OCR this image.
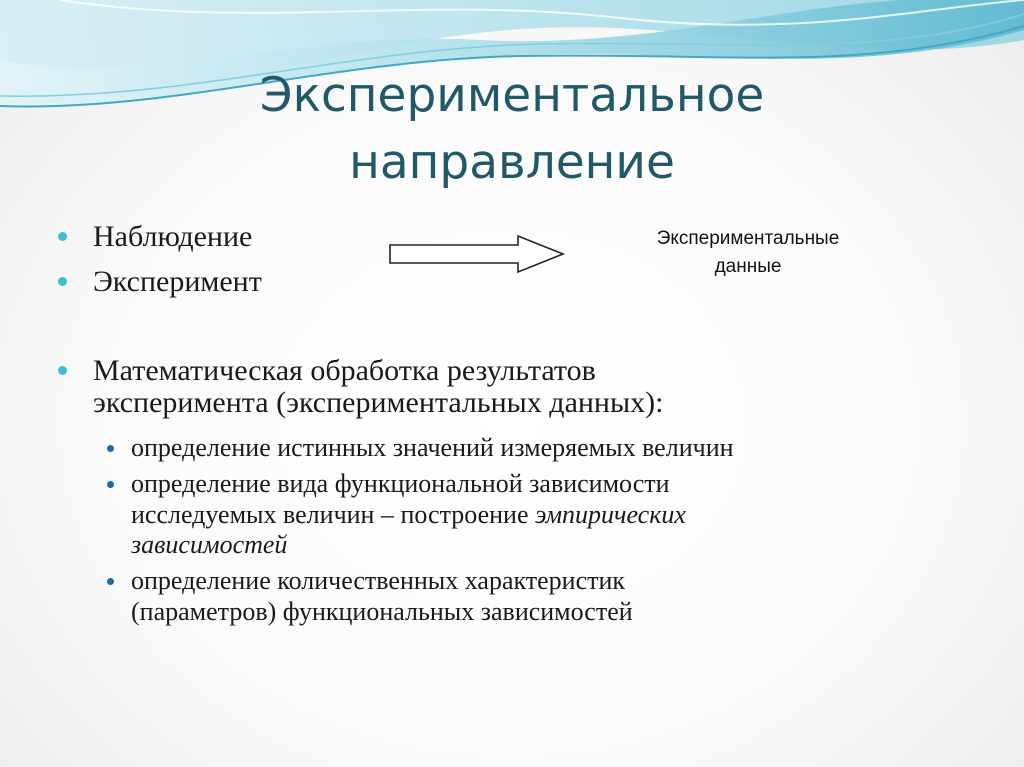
Экспериментальное
направление
Наблюдение
Эксперимент
Экспериментальные
данные
Математическая обработка результатов
эксперимента (экспериментальных данных):
определение истинных значений измеряемых величин
определение вида функциональной зависимости
исследуемых величин – построение эмпирических
зависимостей
определение количественных характеристик
(параметров) функциональных зависимостей
